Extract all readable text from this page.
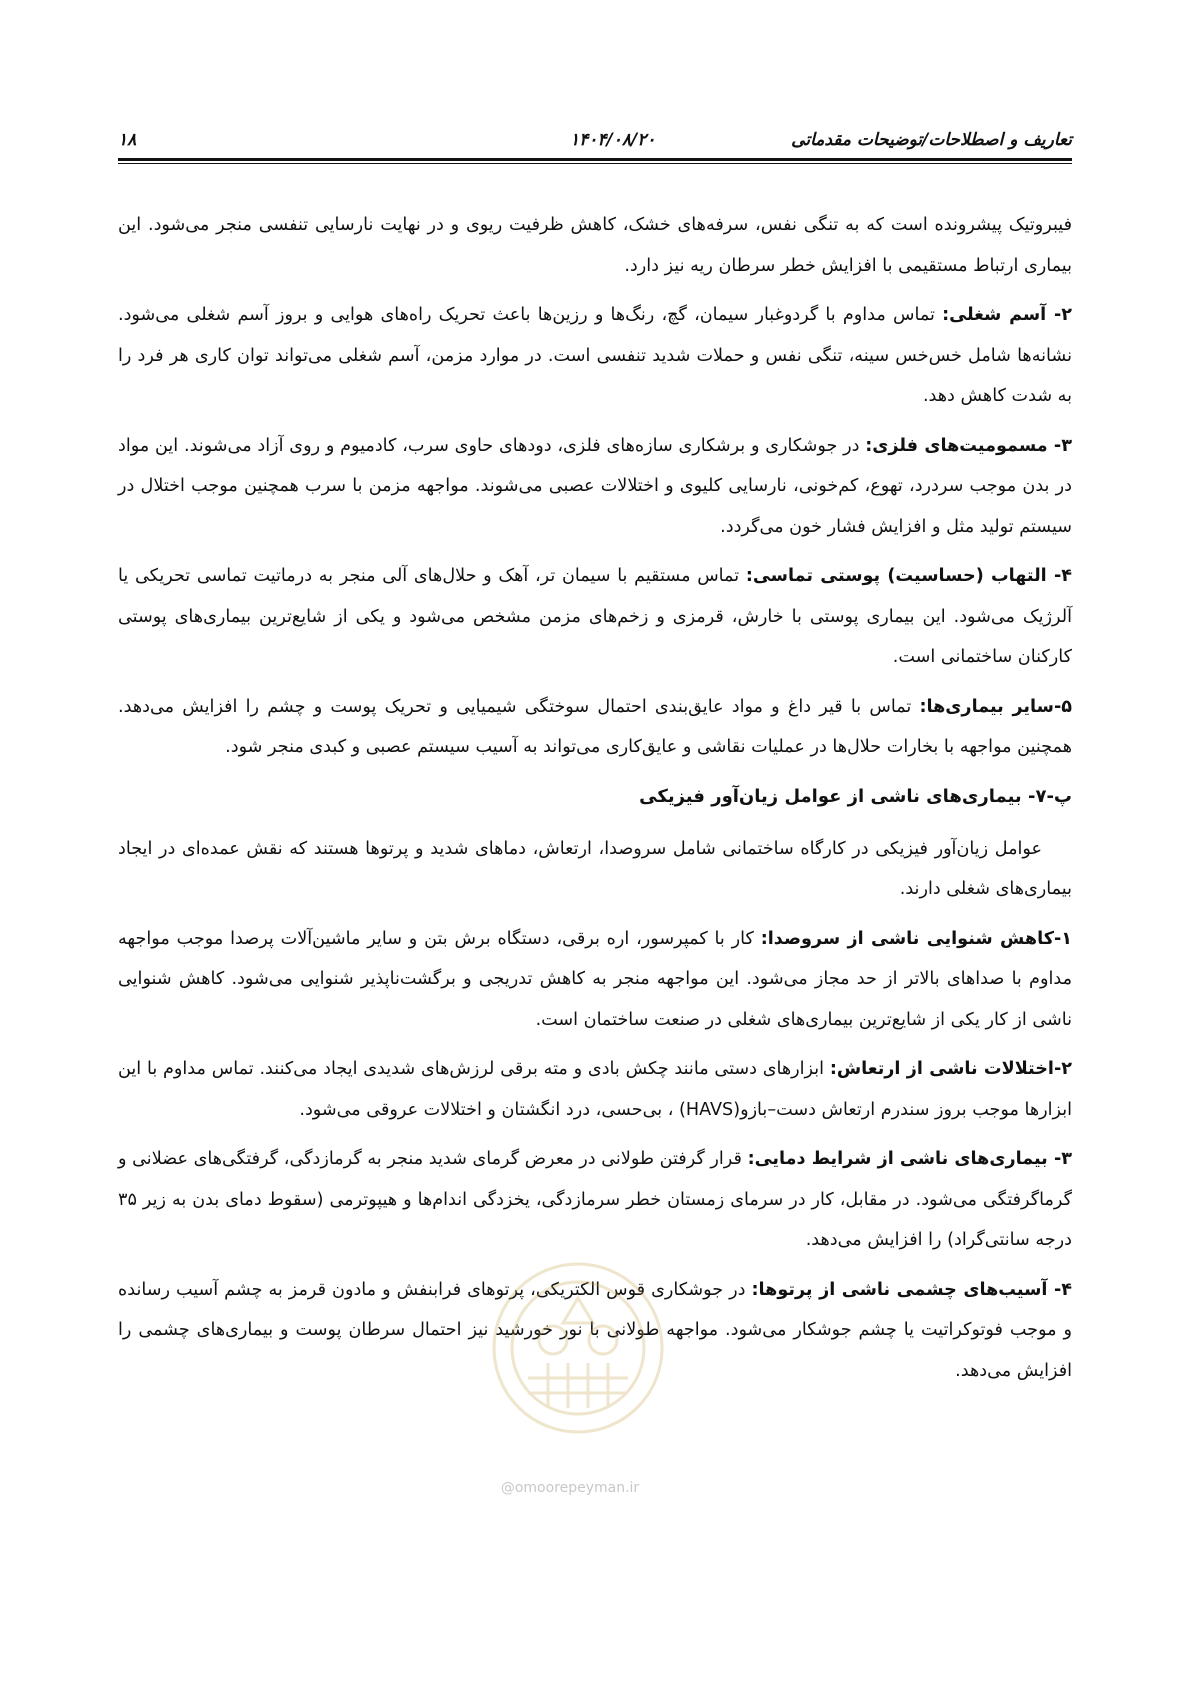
۱۸	۱۴۰۴/۰۸/۲۰	تعاریف و اصطلاحات/توضیحات مقدماتی

فیبروتیک پیشرونده است که به تنگی نفس، سرفه‌های خشک، کاهش ظرفیت ریوی و در نهایت نارسایی تنفسی منجر می‌شود. این بیماری ارتباط مستقیمی با افزایش خطر سرطان ریه نیز دارد.

۲- آسم شغلی: تماس مداوم با گردوغبار سیمان، گچ، رنگ‌ها و رزین‌ها باعث تحریک راه‌های هوایی و بروز آسم شغلی می‌شود. نشانه‌ها شامل خس‌خس سینه، تنگی نفس و حملات شدید تنفسی است. در موارد مزمن، آسم شغلی می‌تواند توان کاری هر فرد را به شدت کاهش دهد.

۳- مسمومیت‌های فلزی: در جوشکاری و برشکاری سازه‌های فلزی، دودهای حاوی سرب، کادمیوم و روی آزاد می‌شوند. این مواد در بدن موجب سردرد، تهوع، کم‌خونی، نارسایی کلیوی و اختلالات عصبی می‌شوند. مواجهه مزمن با سرب همچنین موجب اختلال در سیستم تولید مثل و افزایش فشار خون می‌گردد.

۴- التهاب (حساسیت) پوستی تماسی: تماس مستقیم با سیمان تر، آهک و حلال‌های آلی منجر به درماتیت تماسی تحریکی یا آلرژیک می‌شود. این بیماری پوستی با خارش، قرمزی و زخم‌های مزمن مشخص می‌شود و یکی از شایع‌ترین بیماری‌های پوستی کارکنان ساختمانی است.

۵-سایر بیماری‌ها: تماس با قیر داغ و مواد عایق‌بندی احتمال سوختگی شیمیایی و تحریک پوست و چشم را افزایش می‌دهد. همچنین مواجهه با بخارات حلال‌ها در عملیات نقاشی و عایق‌کاری می‌تواند به آسیب سیستم عصبی و کبدی منجر شود.

پ-۷- بیماری‌های ناشی از عوامل زیان‌آور فیزیکی

عوامل زیان‌آور فیزیکی در کارگاه ساختمانی شامل سروصدا، ارتعاش، دماهای شدید و پرتوها هستند که نقش عمده‌ای در ایجاد بیماری‌های شغلی دارند.

۱-کاهش شنوایی ناشی از سروصدا: کار با کمپرسور، اره برقی، دستگاه برش بتن و سایر ماشین‌آلات پرصدا موجب مواجهه مداوم با صداهای بالاتر از حد مجاز می‌شود. این مواجهه منجر به کاهش تدریجی و برگشت‌ناپذیر شنوایی می‌شود. کاهش شنوایی ناشی از کار یکی از شایع‌ترین بیماری‌های شغلی در صنعت ساختمان است.

۲-اختلالات ناشی از ارتعاش: ابزارهای دستی مانند چکش بادی و مته برقی لرزش‌های شدیدی ایجاد می‌کنند. تماس مداوم با این ابزارها موجب بروز سندرم ارتعاش دست–بازو(HAVS) ، بی‌حسی، درد انگشتان و اختلالات عروقی می‌شود.

۳- بیماری‌های ناشی از شرایط دمایی: قرار گرفتن طولانی در معرض گرمای شدید منجر به گرمازدگی، گرفتگی‌های عضلانی و گرماگرفتگی می‌شود. در مقابل، کار در سرمای زمستان خطر سرمازدگی، یخزدگی اندام‌ها و هیپوترمی (سقوط دمای بدن به زیر ۳۵ درجه سانتی‌گراد) را افزایش می‌دهد.

۴- آسیب‌های چشمی ناشی از پرتوها: در جوشکاری قوس الکتریکی، پرتوهای فرابنفش و مادون قرمز به چشم آسیب رسانده و موجب فوتوکراتیت یا چشم جوشکار می‌شود. مواجهه طولانی با نور خورشید نیز احتمال سرطان پوست و بیماری‌های چشمی را افزایش می‌دهد.

@omoorepeyman.ir
